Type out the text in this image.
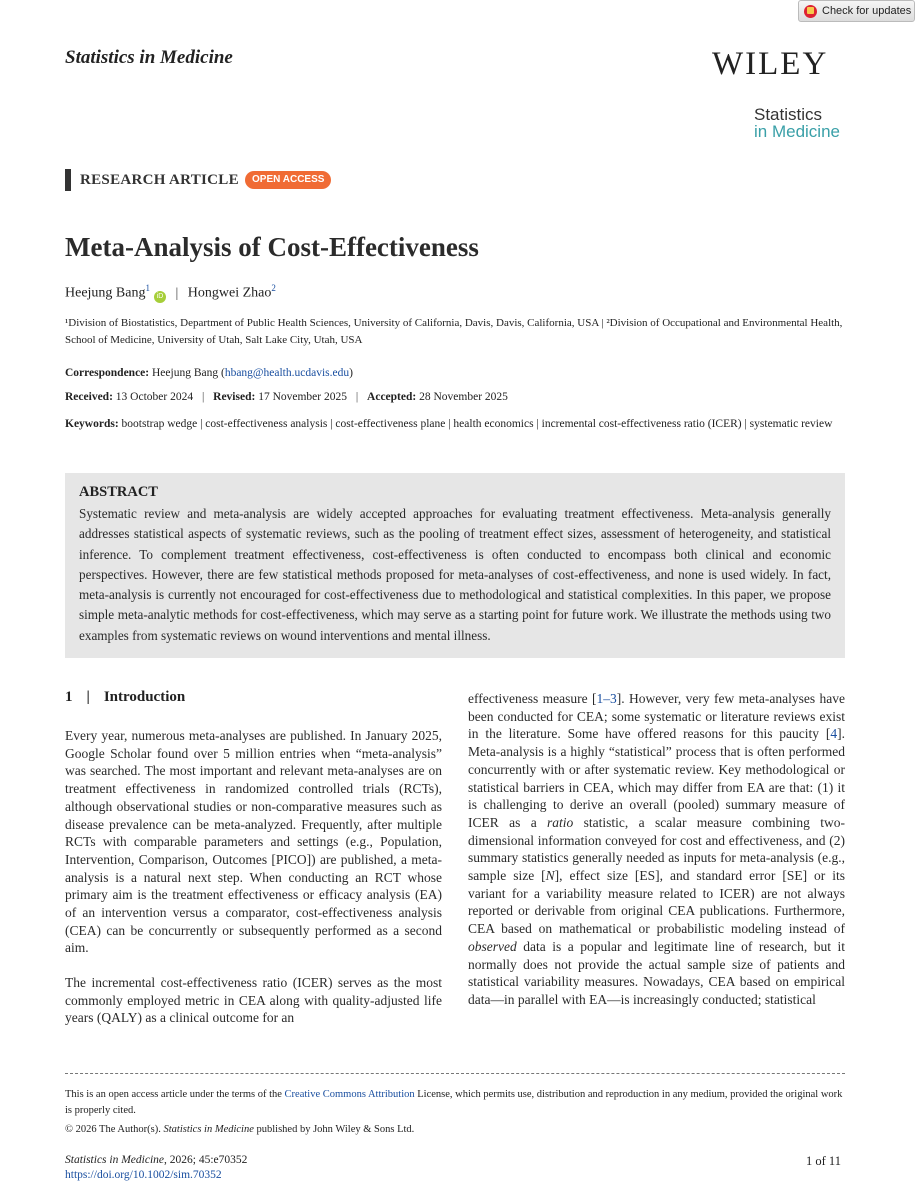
Check for updates
Statistics in Medicine	WILEY
Statistics
in Medicine
RESEARCH ARTICLE	OPEN ACCESS
Meta-Analysis of Cost-Effectiveness
Heejung Bang$^1$iD | Hongwei Zhao$^2$
¹Division of Biostatistics, Department of Public Health Sciences, University of California, Davis, Davis, California, USA | ²Division of Occupational and Environmental Health, School of Medicine, University of Utah, Salt Lake City, Utah, USA
Correspondence: Heejung Bang (hbang@health.ucdavis.edu)
Received: 13 October 2024 | Revised: 17 November 2025 | Accepted: 28 November 2025
Keywords: bootstrap wedge | cost-effectiveness analysis | cost-effectiveness plane | health economics | incremental cost-effectiveness ratio (ICER) | systematic review
ABSTRACT
Systematic review and meta-analysis are widely accepted approaches for evaluating treatment effectiveness. Meta-analysis generally addresses statistical aspects of systematic reviews, such as the pooling of treatment effect sizes, assessment of heterogeneity, and statistical inference. To complement treatment effectiveness, cost-effectiveness is often conducted to encompass both clinical and economic perspectives. However, there are few statistical methods proposed for meta-analyses of cost-effectiveness, and none is used widely. In fact, meta-analysis is currently not encouraged for cost-effectiveness due to methodological and statistical complexities. In this paper, we propose simple meta-analytic methods for cost-effectiveness, which may serve as a starting point for future work. We illustrate the methods using two examples from systematic reviews on wound interventions and mental illness.
1 | Introduction
Every year, numerous meta-analyses are published. In January 2025, Google Scholar found over 5 million entries when “meta-analysis” was searched. The most important and relevant meta-analyses are on treatment effectiveness in randomized controlled trials (RCTs), although observational studies or non-comparative measures such as disease prevalence can be meta-analyzed. Frequently, after multiple RCTs with comparable parameters and settings (e.g., Population, Intervention, Comparison, Outcomes [PICO]) are published, a meta-analysis is a natural next step. When conducting an RCT whose primary aim is the treatment effectiveness or efficacy analysis (EA) of an intervention versus a comparator, cost-effectiveness analysis (CEA) can be concurrently or subsequently performed as a second aim.
The incremental cost-effectiveness ratio (ICER) serves as the most commonly employed metric in CEA along with quality-adjusted life years (QALY) as a clinical outcome for an
effectiveness measure [1–3]. However, very few meta-analyses have been conducted for CEA; some systematic or literature reviews exist in the literature. Some have offered reasons for this paucity [4]. Meta-analysis is a highly “statistical” process that is often performed concurrently with or after systematic review. Key methodological or statistical barriers in CEA, which may differ from EA are that: (1) it is challenging to derive an overall (pooled) summary measure of ICER as a ratio statistic, a scalar measure combining two-dimensional information conveyed for cost and effectiveness, and (2) summary statistics generally needed as inputs for meta-analysis (e.g., sample size [N], effect size [ES], and standard error [SE] or its variant for a variability measure related to ICER) are not always reported or derivable from original CEA publications. Furthermore, CEA based on mathematical or probabilistic modeling instead of observed data is a popular and legitimate line of research, but it normally does not provide the actual sample size of patients and statistical variability measures. Nowadays, CEA based on empirical data—in parallel with EA—is increasingly conducted; statistical
This is an open access article under the terms of the Creative Commons Attribution License, which permits use, distribution and reproduction in any medium, provided the original work is properly cited.
© 2026 The Author(s). Statistics in Medicine published by John Wiley & Sons Ltd.
Statistics in Medicine, 2026; 45:e70352
https://doi.org/10.1002/sim.70352
1 of 11
